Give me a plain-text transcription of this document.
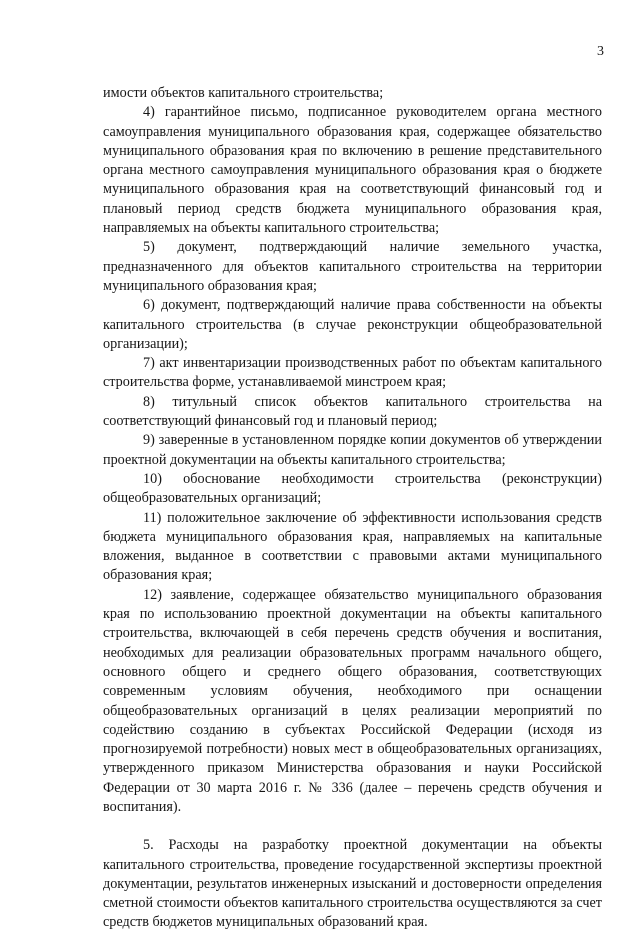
3

имости объектов капитального строительства;

4) гарантийное письмо, подписанное руководителем органа местного самоуправления муниципального образования края, содержащее обязательство муниципального образования края по включению в решение представительного органа местного самоуправления муниципального образования края о бюджете муниципального образования края на соответствующий финансовый год и плановый период средств бюджета муниципального образования края, направляемых на объекты капитального строительства;

5) документ, подтверждающий наличие земельного участка, предназначенного для объектов капитального строительства на территории муниципального образования края;

6) документ, подтверждающий наличие права собственности на объекты капитального строительства (в случае реконструкции общеобразовательной организации);

7) акт инвентаризации производственных работ по объектам капитального строительства форме, устанавливаемой минстроем края;

8) титульный список объектов капитального строительства на соответствующий финансовый год и плановый период;

9) заверенные в установленном порядке копии документов об утверждении проектной документации на объекты капитального строительства;

10) обоснование необходимости строительства (реконструкции) общеобразовательных организаций;

11) положительное заключение об эффективности использования средств бюджета муниципального образования края, направляемых на капитальные вложения, выданное в соответствии с правовыми актами муниципального образования края;

12) заявление, содержащее обязательство муниципального образования края по использованию проектной документации на объекты капитального строительства, включающей в себя перечень средств обучения и воспитания, необходимых для реализации образовательных программ начального общего, основного общего и среднего общего образования, соответствующих современным условиям обучения, необходимого при оснащении общеобразовательных организаций в целях реализации мероприятий по содействию созданию в субъектах Российской Федерации (исходя из прогнозируемой потребности) новых мест в общеобразовательных организациях, утвержденного приказом Министерства образования и науки Российской Федерации от 30 марта 2016 г. № 336 (далее – перечень средств обучения и воспитания).

5. Расходы на разработку проектной документации на объекты капитального строительства, проведение государственной экспертизы проектной документации, результатов инженерных изысканий и достоверности определения сметной стоимости объектов капитального строительства осуществляются за счет средств бюджетов муниципальных образований края.
